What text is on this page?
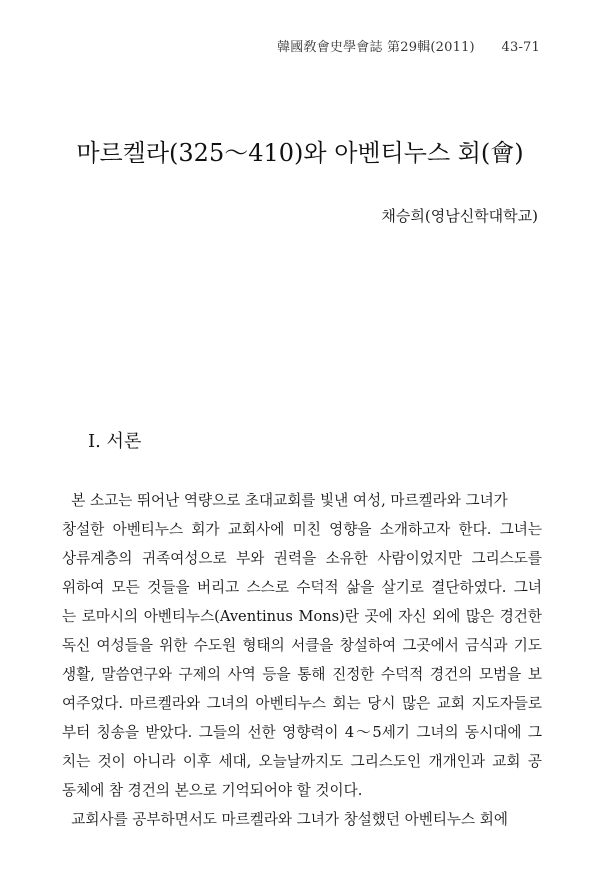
韓國敎會史學會誌 第29輯(2011) 43-71
마르켈라(325～410)와 아벤티누스 회(會)
채승희(영남신학대학교)
Ⅰ. 서론
본 소고는 뛰어난 역량으로 초대교회를 빛낸 여성, 마르켈라와 그녀가
창설한 아벤티누스 회가 교회사에 미친 영향을 소개하고자 한다. 그녀는
상류계층의 귀족여성으로 부와 권력을 소유한 사람이었지만 그리스도를
위하여 모든 것들을 버리고 스스로 수덕적 삶을 살기로 결단하였다. 그녀
는 로마시의 아벤티누스(Aventinus Mons)란 곳에 자신 외에 많은 경건한
독신 여성들을 위한 수도원 형태의 서클을 창설하여 그곳에서 금식과 기도
생활, 말씀연구와 구제의 사역 등을 통해 진정한 수덕적 경건의 모범을 보
여주었다. 마르켈라와 그녀의 아벤티누스 회는 당시 많은 교회 지도자들로
부터 칭송을 받았다. 그들의 선한 영향력이 4～5세기 그녀의 동시대에 그
치는 것이 아니라 이후 세대, 오늘날까지도 그리스도인 개개인과 교회 공
동체에 참 경건의 본으로 기억되어야 할 것이다.
교회사를 공부하면서도 마르켈라와 그녀가 창설했던 아벤티누스 회에
